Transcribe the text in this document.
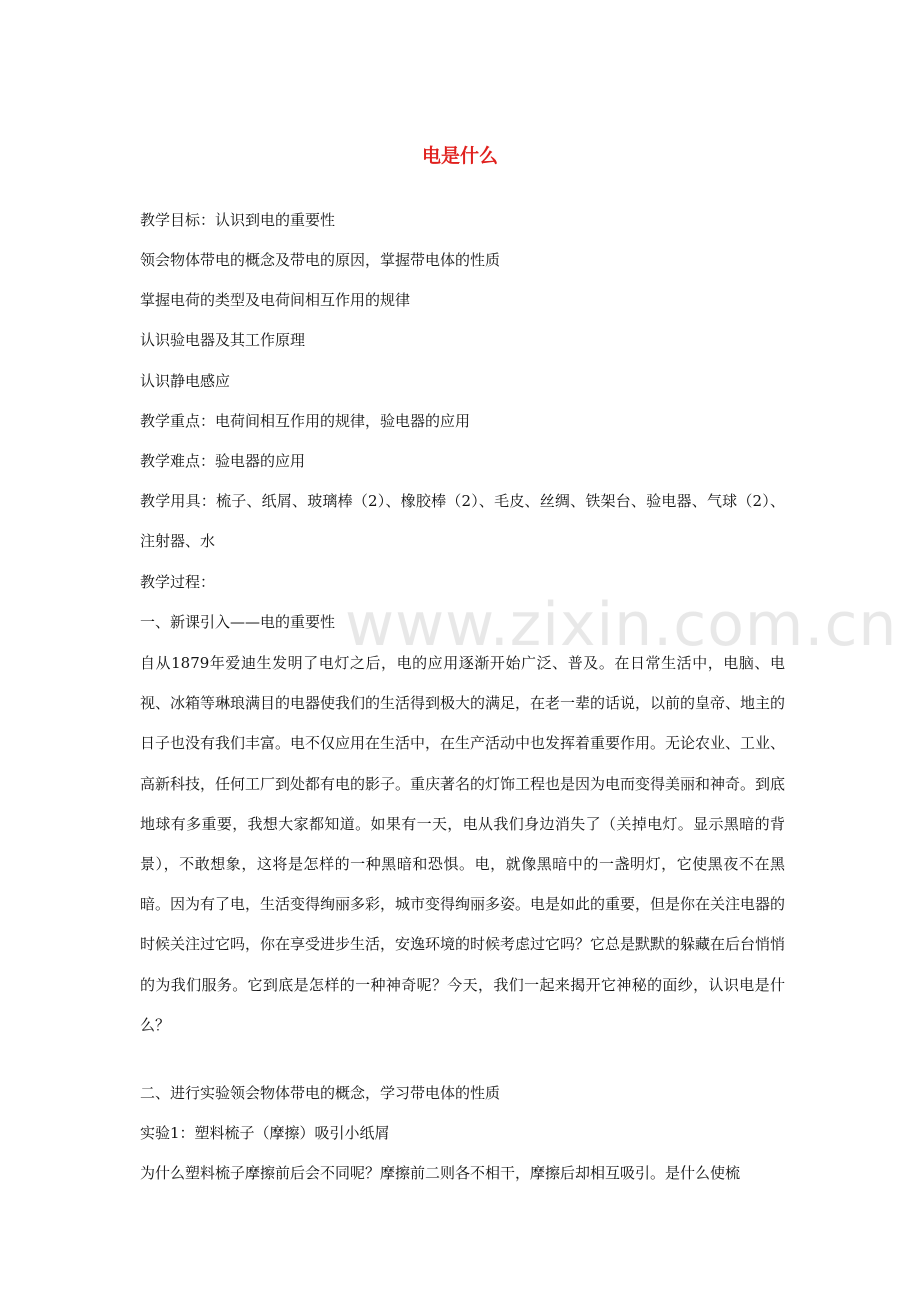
电是什么
教学目标：认识到电的重要性
领会物体带电的概念及带电的原因，掌握带电体的性质
掌握电荷的类型及电荷间相互作用的规律
认识验电器及其工作原理
认识静电感应
教学重点：电荷间相互作用的规律，验电器的应用
教学难点：验电器的应用
教学用具：梳子、纸屑、玻璃棒（2）、橡胶棒（2）、毛皮、丝绸、铁架台、验电器、气球（2）、注射器、水
教学过程：
一、新课引入——电的重要性
自从1879年爱迪生发明了电灯之后，电的应用逐渐开始广泛、普及。在日常生活中，电脑、电视、冰箱等琳琅满目的电器使我们的生活得到极大的满足，在老一辈的话说，以前的皇帝、地主的日子也没有我们丰富。电不仅应用在生活中，在生产活动中也发挥着重要作用。无论农业、工业、高新科技，任何工厂到处都有电的影子。重庆著名的灯饰工程也是因为电而变得美丽和神奇。到底地球有多重要，我想大家都知道。如果有一天，电从我们身边消失了（关掉电灯。显示黑暗的背景），不敢想象，这将是怎样的一种黑暗和恐惧。电，就像黑暗中的一盏明灯，它使黑夜不在黑暗。因为有了电，生活变得绚丽多彩，城市变得绚丽多姿。电是如此的重要，但是你在关注电器的时候关注过它吗，你在享受进步生活，安逸环境的时候考虑过它吗？它总是默默的躲藏在后台悄悄的为我们服务。它到底是怎样的一种神奇呢？今天，我们一起来揭开它神秘的面纱，认识电是什么？
二、进行实验领会物体带电的概念，学习带电体的性质
实验1：塑料梳子（摩擦）吸引小纸屑
为什么塑料梳子摩擦前后会不同呢？摩擦前二则各不相干，摩擦后却相互吸引。是什么使梳
www.zixin.com.cn
